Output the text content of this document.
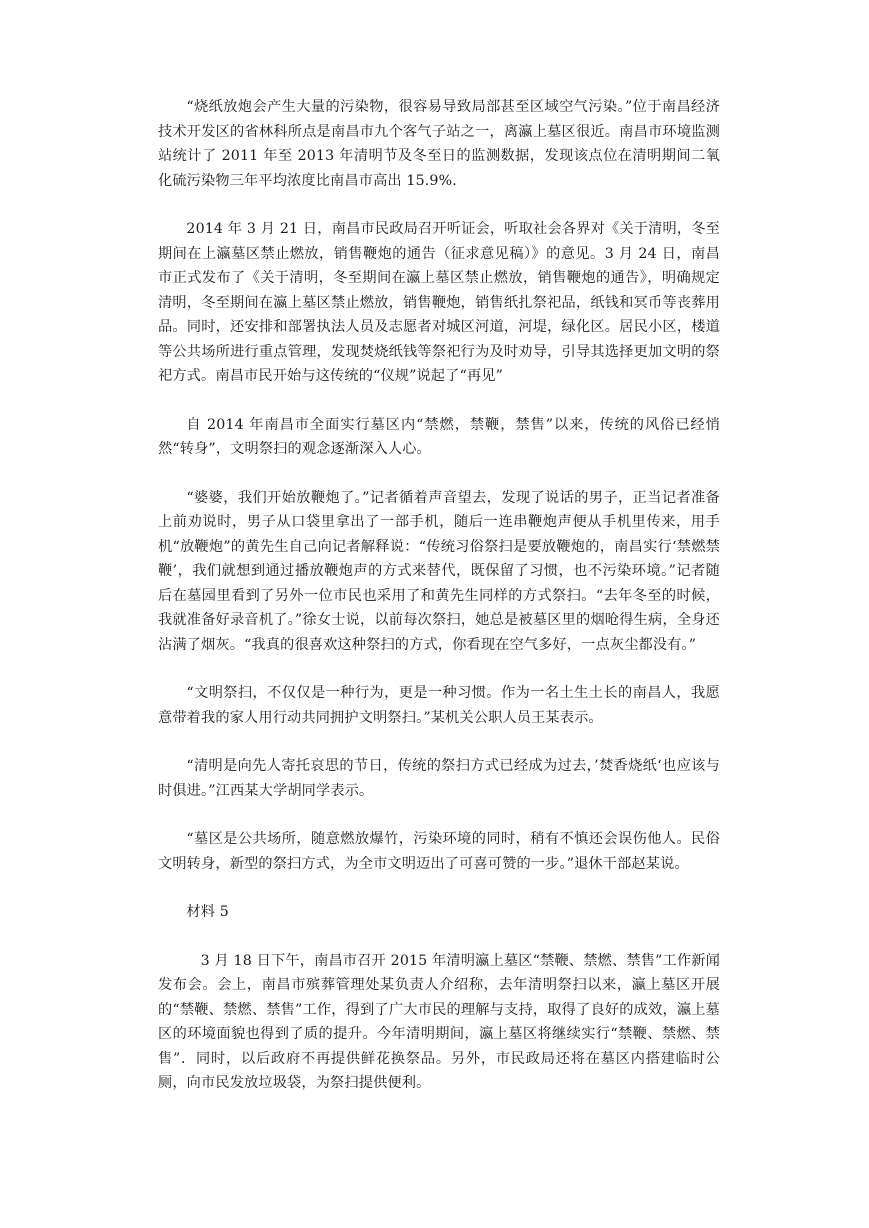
“烧纸放炮会产生大量的污染物，很容易导致局部甚至区域空气污染。”位于南昌经济技术开发区的省林科所点是南昌市九个客气子站之一，离瀛上墓区很近。南昌市环境监测站统计了 2011 年至 2013 年清明节及冬至日的监测数据，发现该点位在清明期间二氧化硫污染物三年平均浓度比南昌市高出 15.9%.

2014 年 3 月 21 日，南昌市民政局召开听证会，听取社会各界对《关于清明，冬至期间在上瀛墓区禁止燃放，销售鞭炮的通告（征求意见稿）》的意见。3 月 24 日，南昌市正式发布了《关于清明，冬至期间在瀛上墓区禁止燃放，销售鞭炮的通告》，明确规定清明，冬至期间在瀛上墓区禁止燃放，销售鞭炮，销售纸扎祭祀品，纸钱和冥币等丧葬用品。同时，还安排和部署执法人员及志愿者对城区河道，河堤，绿化区。居民小区，楼道等公共场所进行重点管理，发现焚烧纸钱等祭祀行为及时劝导，引导其选择更加文明的祭祀方式。南昌市民开始与这传统的“仪规”说起了“再见”

自 2014 年南昌市全面实行墓区内“禁燃，禁鞭，禁售”以来，传统的风俗已经悄然“转身”，文明祭扫的观念逐渐深入人心。

“婆婆，我们开始放鞭炮了。”记者循着声音望去，发现了说话的男子，正当记者准备上前劝说时，男子从口袋里拿出了一部手机，随后一连串鞭炮声便从手机里传来，用手机“放鞭炮”的黄先生自己向记者解释说：“传统习俗祭扫是要放鞭炮的，南昌实行‘禁燃禁鞭’，我们就想到通过播放鞭炮声的方式来替代，既保留了习惯，也不污染环境。”记者随后在墓园里看到了另外一位市民也采用了和黄先生同样的方式祭扫。“去年冬至的时候，我就准备好录音机了。”徐女士说，以前每次祭扫，她总是被墓区里的烟呛得生病，全身还沾满了烟灰。“我真的很喜欢这种祭扫的方式，你看现在空气多好，一点灰尘都没有。”

“文明祭扫，不仅仅是一种行为，更是一种习惯。作为一名土生土长的南昌人，我愿意带着我的家人用行动共同拥护文明祭扫。”某机关公职人员王某表示。

“清明是向先人寄托哀思的节日，传统的祭扫方式已经成为过去，’焚香烧纸‘也应该与时俱进。”江西某大学胡同学表示。

“墓区是公共场所，随意燃放爆竹，污染环境的同时，稍有不慎还会误伤他人。民俗文明转身，新型的祭扫方式，为全市文明迈出了可喜可赞的一步。”退休干部赵某说。

材料 5

3 月 18 日下午，南昌市召开 2015 年清明瀛上墓区“禁鞭、禁燃、禁售”工作新闻发布会。会上，南昌市殡葬管理处某负责人介绍称，去年清明祭扫以来，瀛上墓区开展的“禁鞭、禁燃、禁售”工作，得到了广大市民的理解与支持，取得了良好的成效，瀛上墓区的环境面貌也得到了质的提升。今年清明期间，瀛上墓区将继续实行“禁鞭、禁燃、禁售”．同时，以后政府不再提供鲜花换祭品。另外，市民政局还将在墓区内搭建临时公厕，向市民发放垃圾袋，为祭扫提供便利。
